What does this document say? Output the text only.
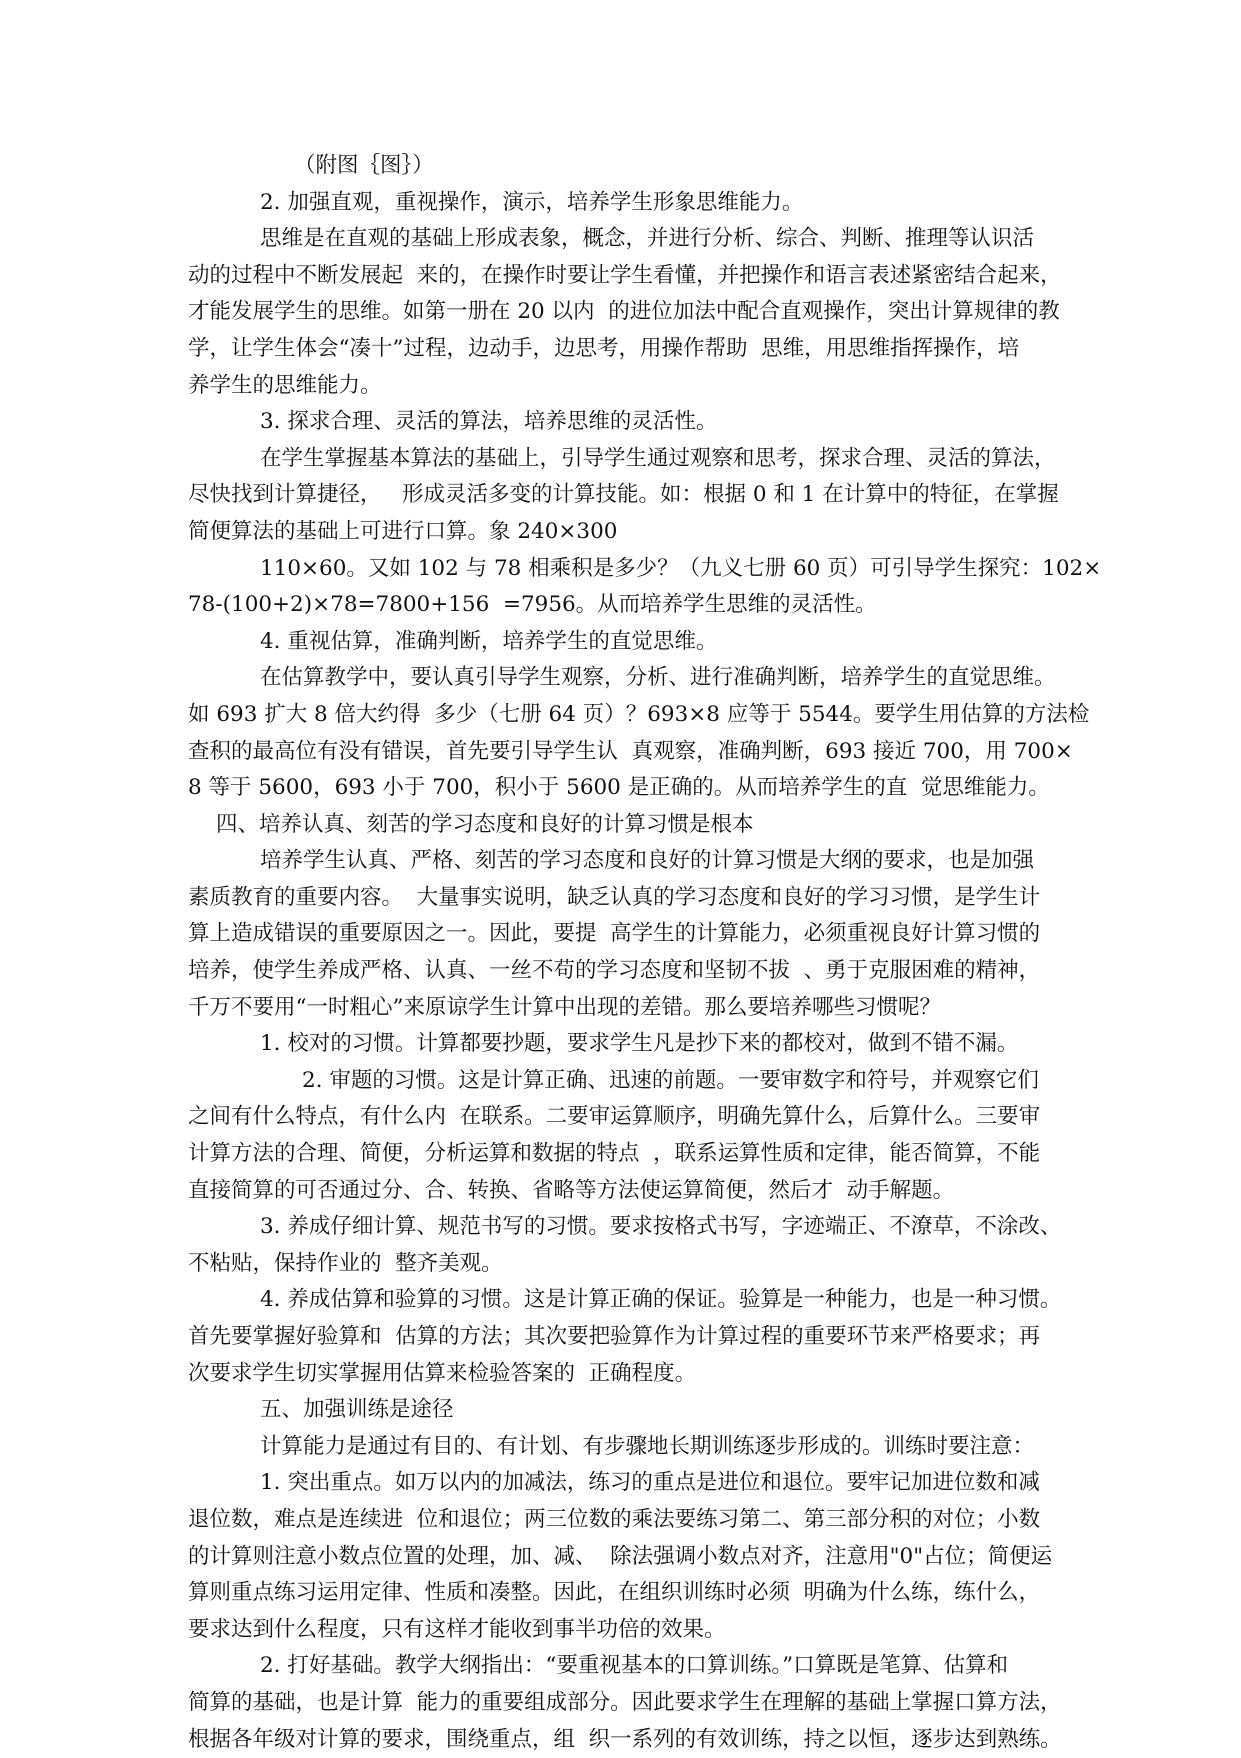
（附图｛图｝）
2. 加强直观，重视操作，演示，培养学生形象思维能力。
思维是在直观的基础上形成表象，概念，并进行分析、综合、判断、推理等认识活
动的过程中不断发展起  来的，在操作时要让学生看懂，并把操作和语言表述紧密结合起来，
才能发展学生的思维。如第一册在 20 以内  的进位加法中配合直观操作，突出计算规律的教
学，让学生体会“凑十”过程，边动手，边思考，用操作帮助  思维，用思维指挥操作，培
养学生的思维能力。
3. 探求合理、灵活的算法，培养思维的灵活性。
在学生掌握基本算法的基础上，引导学生通过观察和思考，探求合理、灵活的算法，
尽快找到计算捷径，   形成灵活多变的计算技能。如：根据 0 和 1 在计算中的特征，在掌握
简便算法的基础上可进行口算。象 240×300
110×60。又如 102 与 78 相乘积是多少？（九义七册 60 页）可引导学生探究：102×
78-(100+2)×78=7800+156  =7956。从而培养学生思维的灵活性。
4. 重视估算，准确判断，培养学生的直觉思维。
在估算教学中，要认真引导学生观察，分析、进行准确判断，培养学生的直觉思维。
如 693 扩大 8 倍大约得  多少（七册 64 页）？693×8 应等于 5544。要学生用估算的方法检
查积的最高位有没有错误，首先要引导学生认  真观察，准确判断，693 接近 700，用 700×
8 等于 5600，693 小于 700，积小于 5600 是正确的。从而培养学生的直  觉思维能力。
四、培养认真、刻苦的学习态度和良好的计算习惯是根本
培养学生认真、严格、刻苦的学习态度和良好的计算习惯是大纲的要求，也是加强
素质教育的重要内容。  大量事实说明，缺乏认真的学习态度和良好的学习习惯，是学生计
算上造成错误的重要原因之一。因此，要提  高学生的计算能力，必须重视良好计算习惯的
培养，使学生养成严格、认真、一丝不苟的学习态度和坚韧不拔  、勇于克服困难的精神，
千万不要用“一时粗心”来原谅学生计算中出现的差错。那么要培养哪些习惯呢？
1. 校对的习惯。计算都要抄题，要求学生凡是抄下来的都校对，做到不错不漏。
2. 审题的习惯。这是计算正确、迅速的前题。一要审数字和符号，并观察它们
之间有什么特点，有什么内  在联系。二要审运算顺序，明确先算什么，后算什么。三要审
计算方法的合理、简便，分析运算和数据的特点  ，联系运算性质和定律，能否简算，不能
直接简算的可否通过分、合、转换、省略等方法使运算简便，然后才  动手解题。
3. 养成仔细计算、规范书写的习惯。要求按格式书写，字迹端正、不潦草，不涂改、
不粘贴，保持作业的  整齐美观。
4. 养成估算和验算的习惯。这是计算正确的保证。验算是一种能力，也是一种习惯。
首先要掌握好验算和  估算的方法；其次要把验算作为计算过程的重要环节来严格要求；再
次要求学生切实掌握用估算来检验答案的  正确程度。
五、加强训练是途径
计算能力是通过有目的、有计划、有步骤地长期训练逐步形成的。训练时要注意：
1. 突出重点。如万以内的加减法，练习的重点是进位和退位。要牢记加进位数和减
退位数，难点是连续进  位和退位；两三位数的乘法要练习第二、第三部分积的对位；小数
的计算则注意小数点位置的处理，加、减、  除法强调小数点对齐，注意用"0"占位；简便运
算则重点练习运用定律、性质和凑整。因此，在组织训练时必须  明确为什么练，练什么，
要求达到什么程度，只有这样才能收到事半功倍的效果。
2. 打好基础。教学大纲指出：“要重视基本的口算训练。”口算既是笔算、估算和
简算的基础，也是计算  能力的重要组成部分。因此要求学生在理解的基础上掌握口算方法，
根据各年级对计算的要求，围绕重点，组  织一系列的有效训练，持之以恒，逐步达到熟练。
